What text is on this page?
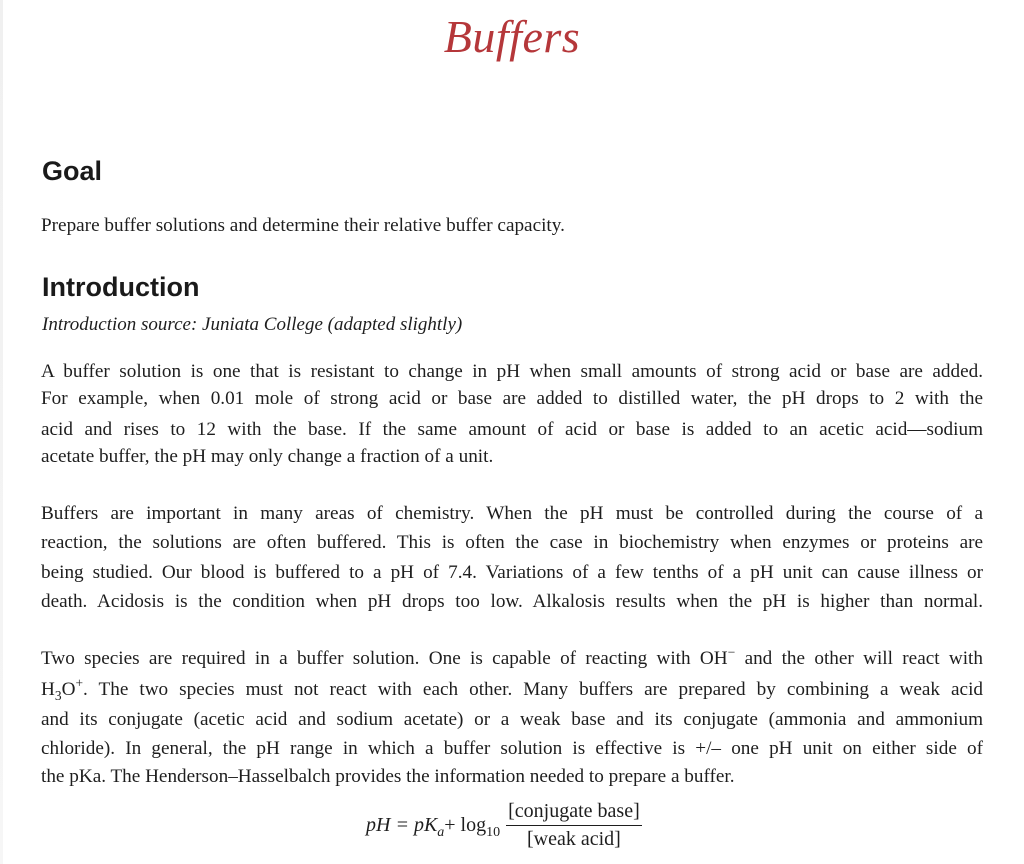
Buffers
Goal
Prepare buffer solutions and determine their relative buffer capacity.
Introduction
Introduction source: Juniata College (adapted slightly)
A buffer solution is one that is resistant to change in pH when small amounts of strong acid or base are added.
For example, when 0.01 mole of strong acid or base are added to distilled water, the pH drops to 2 with the
acid and rises to 12 with the base. If the same amount of acid or base is added to an acetic acid—sodium
acetate buffer, the pH may only change a fraction of a unit.
Buffers are important in many areas of chemistry. When the pH must be controlled during the course of a
reaction, the solutions are often buffered. This is often the case in biochemistry when enzymes or proteins are
being studied. Our blood is buffered to a pH of 7.4. Variations of a few tenths of a pH unit can cause illness or
death. Acidosis is the condition when pH drops too low. Alkalosis results when the pH is higher than normal.
Two species are required in a buffer solution. One is capable of reacting with OH− and the other will react with
$H_3O^+$. The two species must not react with each other. Many buffers are prepared by combining a weak acid
and its conjugate (acetic acid and sodium acetate) or a weak base and its conjugate (ammonia and ammonium
chloride). In general, the pH range in which a buffer solution is effective is +/– one pH unit on either side of
the pKa. The Henderson–Hasselbalch provides the information needed to prepare a buffer.
pH = $pK_a + \log_{10} \frac{\text{[conjugate base]}}{\text{[weak acid]}}$
